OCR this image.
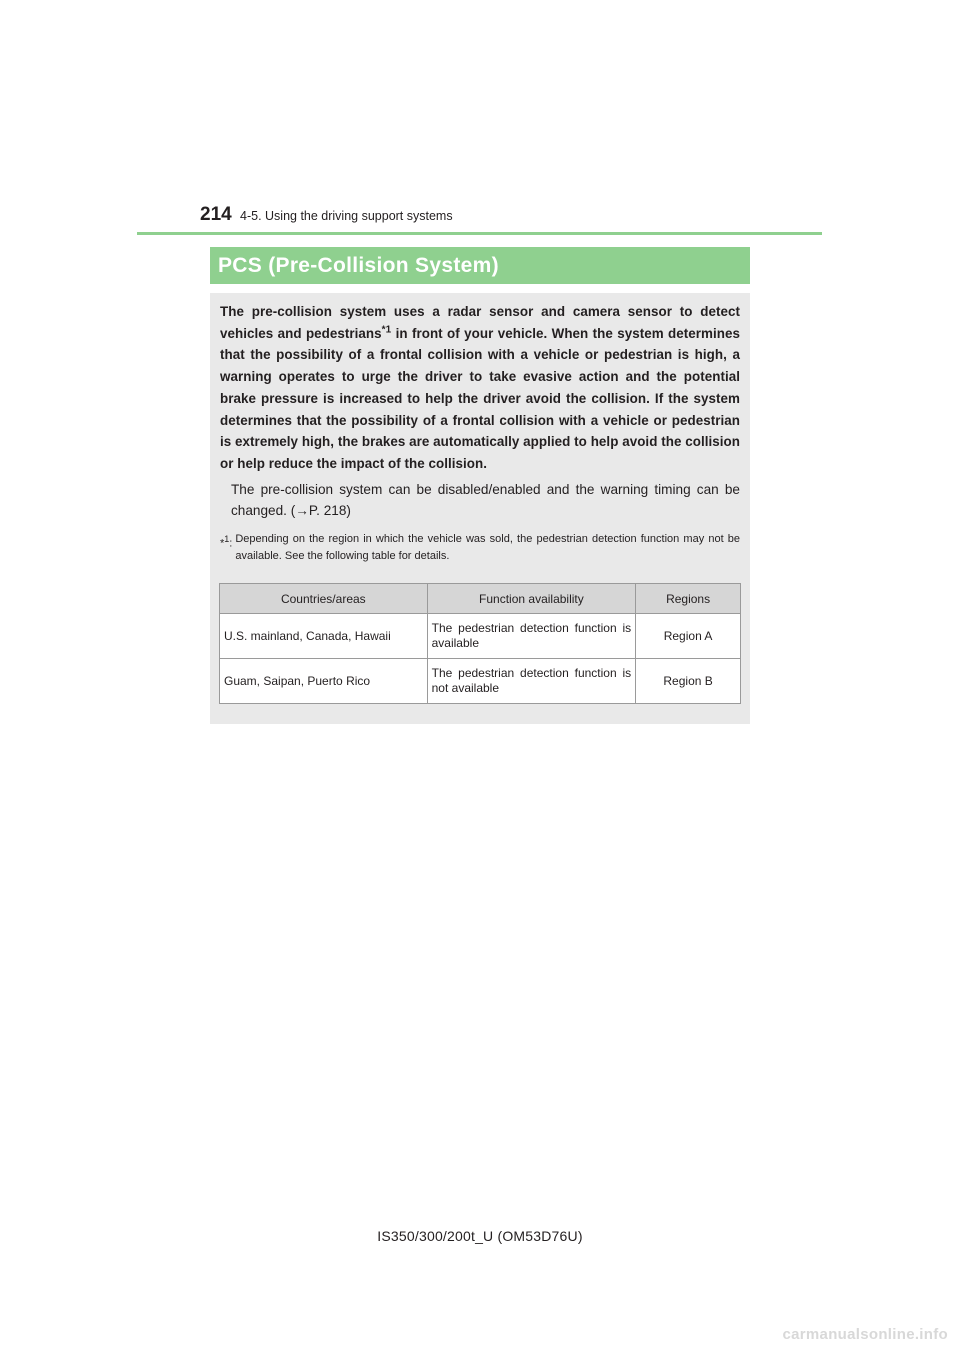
214 4-5. Using the driving support systems
PCS (Pre-Collision System)

The pre-collision system uses a radar sensor and camera sensor to detect vehicles and pedestrians$^{*1}$ in front of your vehicle. When the system determines that the possibility of a frontal collision with a vehicle or pedestrian is high, a warning operates to urge the driver to take evasive action and the potential brake pressure is increased to help the driver avoid the collision. If the system determines that the possibility of a frontal collision with a vehicle or pedestrian is extremely high, the brakes are automatically applied to help avoid the collision or help reduce the impact of the collision.

The pre-collision system can be disabled/enabled and the warning timing can be changed. (→P. 218)

*$^1$: Depending on the region in which the vehicle was sold, the pedestrian detection function may not be available. See the following table for details.
Countries/areas	Function availability	Regions
U.S. mainland, Canada, Hawaii	The pedestrian detection function is available	Region A
Guam, Saipan, Puerto Rico	The pedestrian detection function is not available	Region B
IS350/300/200t_U (OM53D76U)
carmanualsonline.info
